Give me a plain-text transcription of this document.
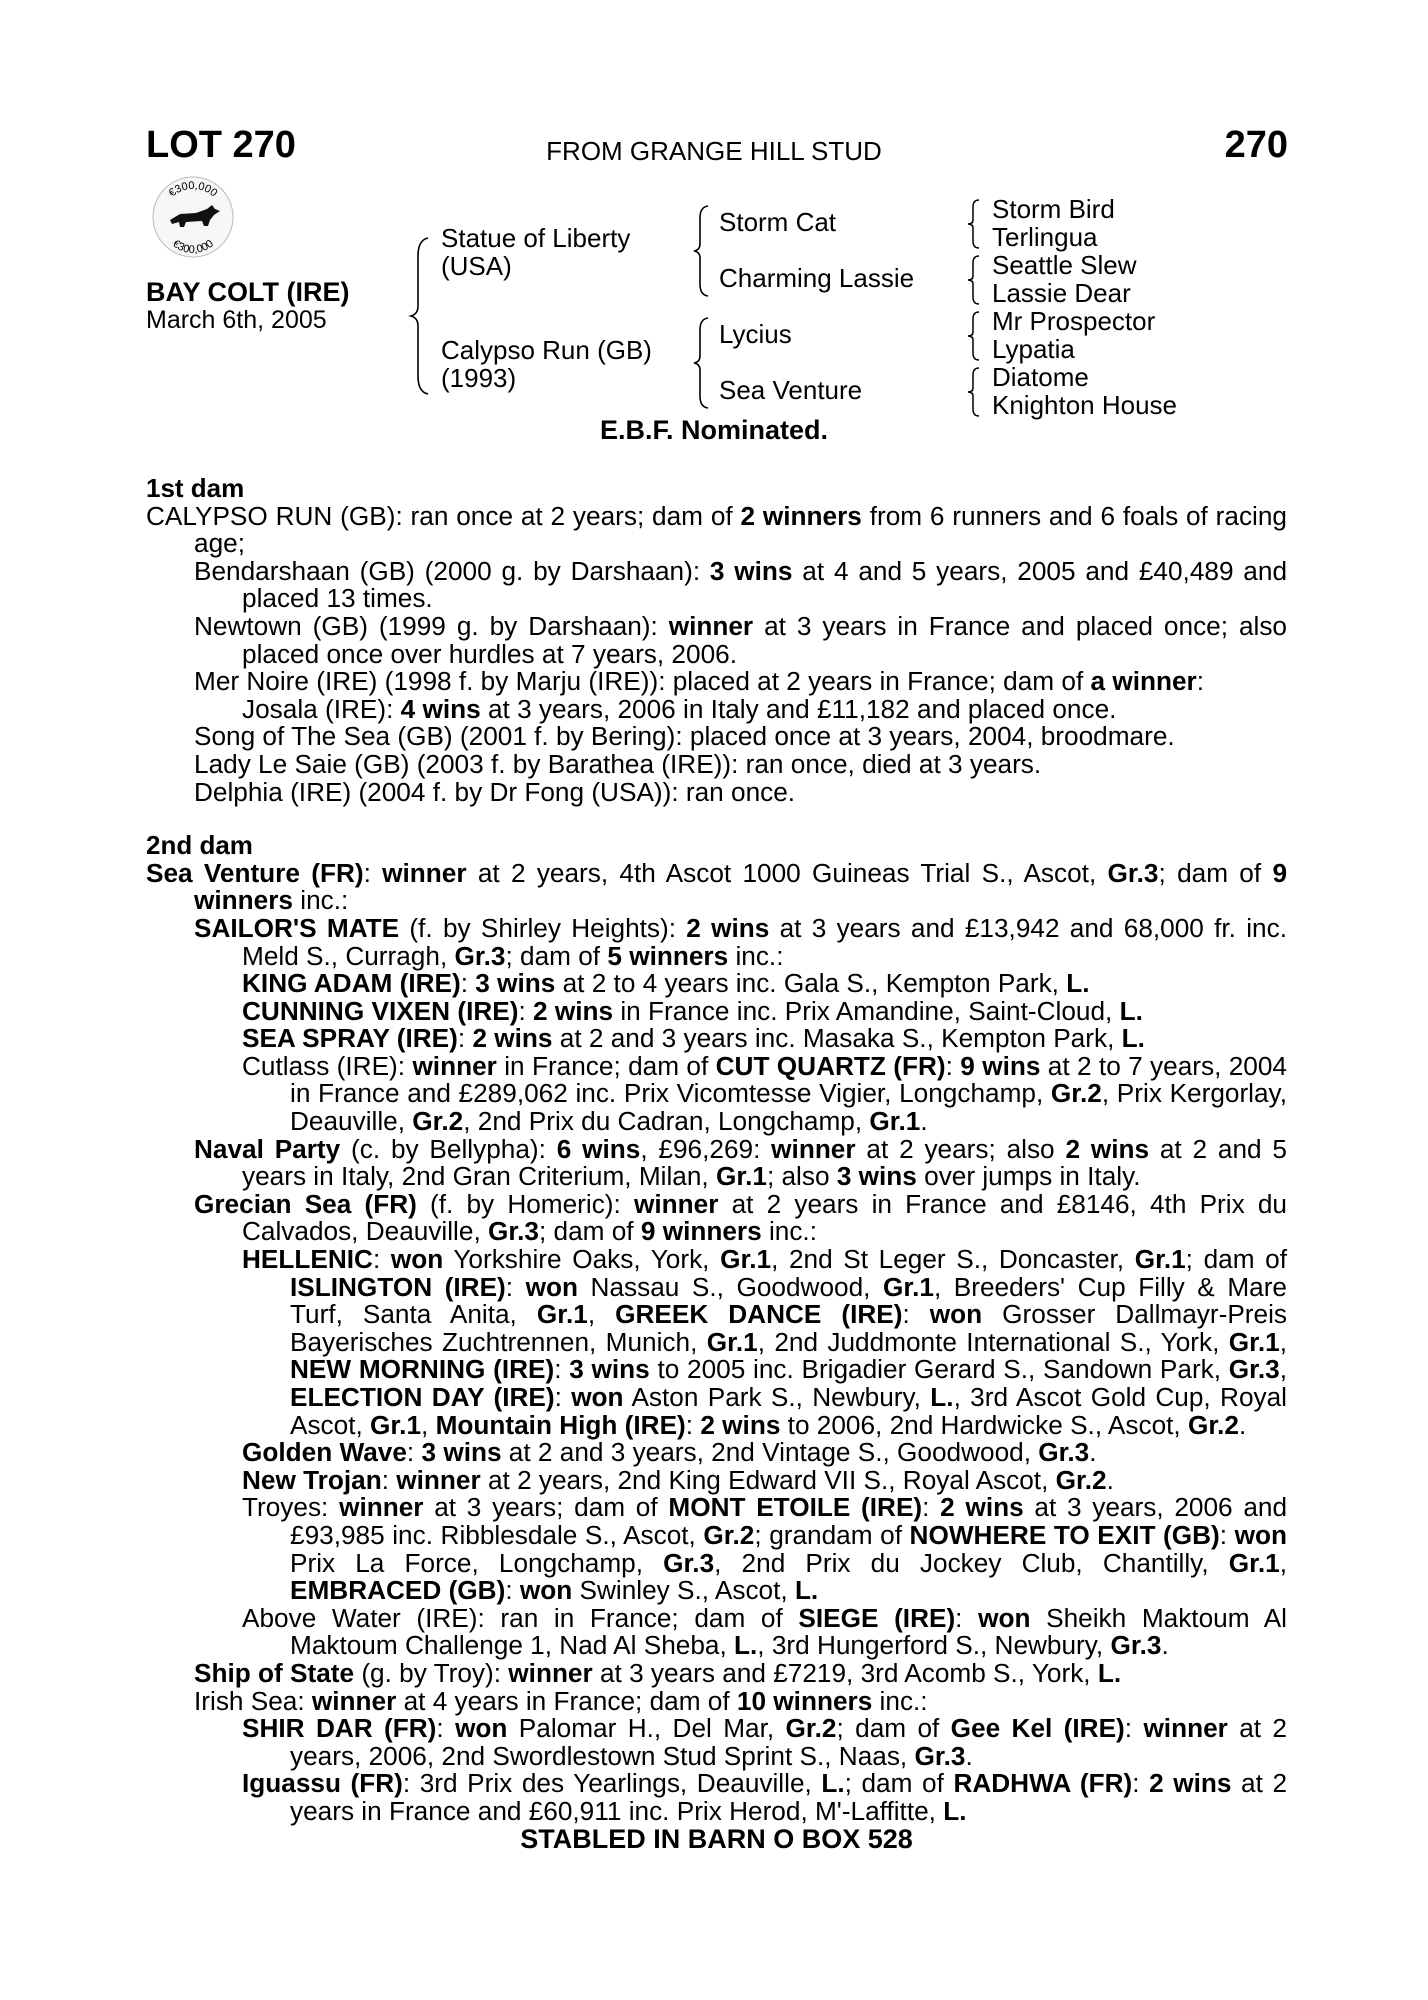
LOT 270	FROM GRANGE HILL STUD	270
€300,000
€300,000
BAY COLT (IRE)
March 6th, 2005
Statue of Liberty
(USA)
Calypso Run (GB)
(1993)
Storm Cat
Charming Lassie
Lycius
Sea Venture
Storm Bird
Terlingua
Seattle Slew
Lassie Dear
Mr Prospector
Lypatia
Diatome
Knighton House
E.B.F. Nominated.
1st dam
CALYPSO RUN (GB): ran once at 2 years; dam of 2 winners from 6 runners and 6 foals of racing age;
Bendarshaan (GB) (2000 g. by Darshaan): 3 wins at 4 and 5 years, 2005 and £40,489 and placed 13 times.
Newtown (GB) (1999 g. by Darshaan): winner at 3 years in France and placed once; also placed once over hurdles at 7 years, 2006.
Mer Noire (IRE) (1998 f. by Marju (IRE)): placed at 2 years in France; dam of a winner:
Josala (IRE): 4 wins at 3 years, 2006 in Italy and £11,182 and placed once.
Song of The Sea (GB) (2001 f. by Bering): placed once at 3 years, 2004, broodmare.
Lady Le Saie (GB) (2003 f. by Barathea (IRE)): ran once, died at 3 years.
Delphia (IRE) (2004 f. by Dr Fong (USA)): ran once.
2nd dam
Sea Venture (FR): winner at 2 years, 4th Ascot 1000 Guineas Trial S., Ascot, Gr.3; dam of 9 winners inc.:
SAILOR'S MATE (f. by Shirley Heights): 2 wins at 3 years and £13,942 and 68,000 fr. inc. Meld S., Curragh, Gr.3; dam of 5 winners inc.:
KING ADAM (IRE): 3 wins at 2 to 4 years inc. Gala S., Kempton Park, L.
CUNNING VIXEN (IRE): 2 wins in France inc. Prix Amandine, Saint-Cloud, L.
SEA SPRAY (IRE): 2 wins at 2 and 3 years inc. Masaka S., Kempton Park, L.
Cutlass (IRE): winner in France; dam of CUT QUARTZ (FR): 9 wins at 2 to 7 years, 2004 in France and £289,062 inc. Prix Vicomtesse Vigier, Longchamp, Gr.2, Prix Kergorlay, Deauville, Gr.2, 2nd Prix du Cadran, Longchamp, Gr.1.
Naval Party (c. by Bellypha): 6 wins, £96,269: winner at 2 years; also 2 wins at 2 and 5 years in Italy, 2nd Gran Criterium, Milan, Gr.1; also 3 wins over jumps in Italy.
Grecian Sea (FR) (f. by Homeric): winner at 2 years in France and £8146, 4th Prix du Calvados, Deauville, Gr.3; dam of 9 winners inc.:
HELLENIC: won Yorkshire Oaks, York, Gr.1, 2nd St Leger S., Doncaster, Gr.1; dam of ISLINGTON (IRE): won Nassau S., Goodwood, Gr.1, Breeders' Cup Filly & Mare Turf, Santa Anita, Gr.1, GREEK DANCE (IRE): won Grosser Dallmayr-Preis Bayerisches Zuchtrennen, Munich, Gr.1, 2nd Juddmonte International S., York, Gr.1, NEW MORNING (IRE): 3 wins to 2005 inc. Brigadier Gerard S., Sandown Park, Gr.3, ELECTION DAY (IRE): won Aston Park S., Newbury, L., 3rd Ascot Gold Cup, Royal Ascot, Gr.1, Mountain High (IRE): 2 wins to 2006, 2nd Hardwicke S., Ascot, Gr.2.
Golden Wave: 3 wins at 2 and 3 years, 2nd Vintage S., Goodwood, Gr.3.
New Trojan: winner at 2 years, 2nd King Edward VII S., Royal Ascot, Gr.2.
Troyes: winner at 3 years; dam of MONT ETOILE (IRE): 2 wins at 3 years, 2006 and £93,985 inc. Ribblesdale S., Ascot, Gr.2; grandam of NOWHERE TO EXIT (GB): won Prix La Force, Longchamp, Gr.3, 2nd Prix du Jockey Club, Chantilly, Gr.1, EMBRACED (GB): won Swinley S., Ascot, L.
Above Water (IRE): ran in France; dam of SIEGE (IRE): won Sheikh Maktoum Al Maktoum Challenge 1, Nad Al Sheba, L., 3rd Hungerford S., Newbury, Gr.3.
Ship of State (g. by Troy): winner at 3 years and £7219, 3rd Acomb S., York, L.
Irish Sea: winner at 4 years in France; dam of 10 winners inc.:
SHIR DAR (FR): won Palomar H., Del Mar, Gr.2; dam of Gee Kel (IRE): winner at 2 years, 2006, 2nd Swordlestown Stud Sprint S., Naas, Gr.3.
Iguassu (FR): 3rd Prix des Yearlings, Deauville, L.; dam of RADHWA (FR): 2 wins at 2 years in France and £60,911 inc. Prix Herod, M'-Laffitte, L.
STABLED IN BARN O BOX 528
